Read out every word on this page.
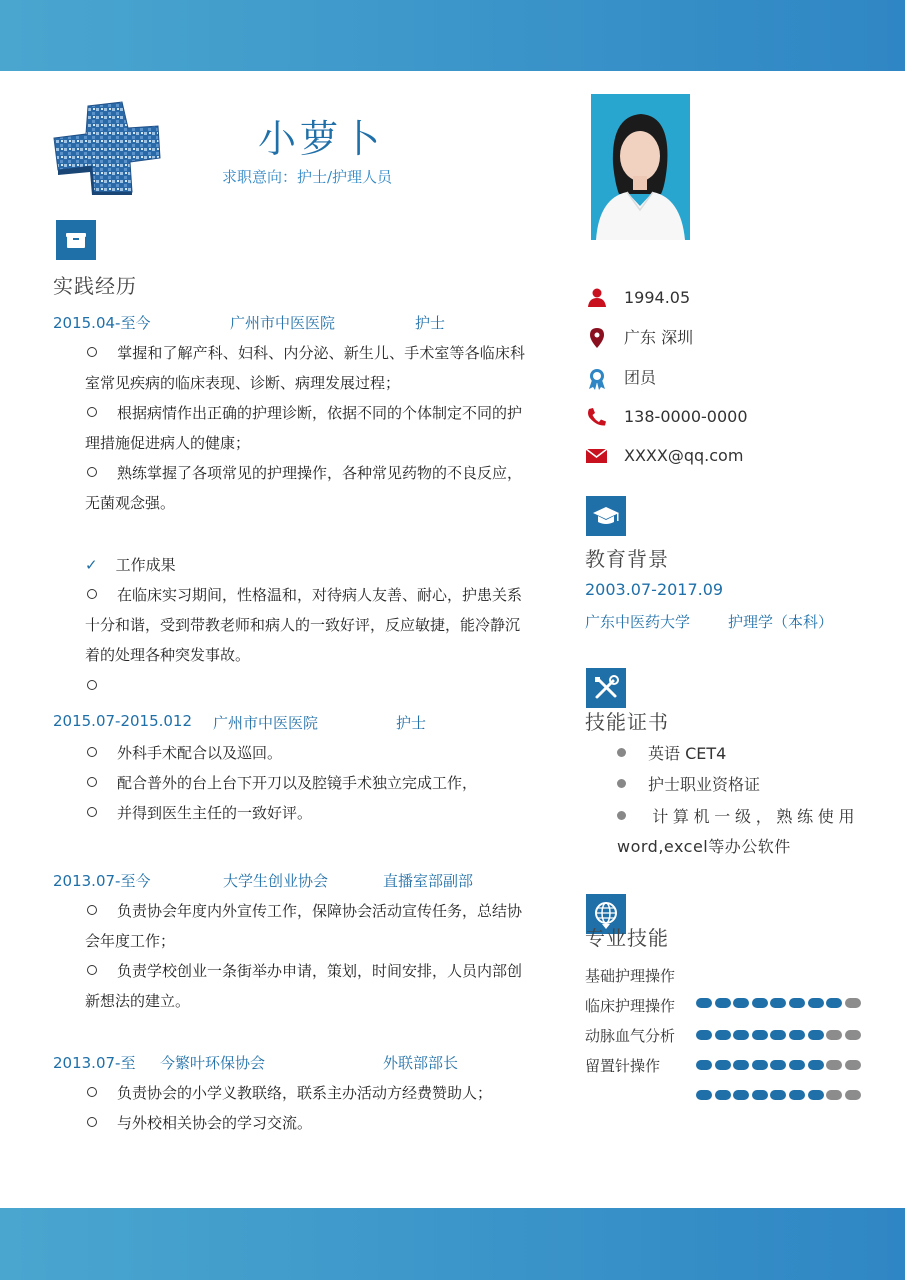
小萝卜
求职意向：护士/护理人员
实践经历
2015.04-至今	广州市中医医院	护士
掌握和了解产科、妇科、内分泌、新生儿、手术室等各临床科室常见疾病的临床表现、诊断、病理发展过程；
根据病情作出正确的护理诊断，依据不同的个体制定不同的护理措施促进病人的健康；
熟练掌握了各项常见的护理操作，各种常见药物的不良反应，无菌观念强。
✓ 工作成果
在临床实习期间，性格温和，对待病人友善、耐心，护患关系十分和谐，受到带教老师和病人的一致好评，反应敏捷，能冷静沉着的处理各种突发事故。
2015.07-2015.012 广州市中医医院	护士
外科手术配合以及巡回。
配合普外的台上台下开刀以及腔镜手术独立完成工作，
并得到医生主任的一致好评。
2013.07-至今	大学生创业协会	直播室部副部
负责协会年度内外宣传工作，保障协会活动宣传任务，总结协会年度工作；
负责学校创业一条街举办申请，策划，时间安排，人员内部创新想法的建立。
2013.07-至 今繁叶环保协会	外联部部长
负责协会的小学义教联络，联系主办活动方经费赞助人；
与外校相关协会的学习交流。
1994.05
广东 深圳
团员
138-0000-0000
XXXX@qq.com
教育背景
2003.07-2017.09
广东中医药大学	护理学（本科）
技能证书
英语 CET4
护士职业资格证
计算机一级，熟练使用word,excel等办公软件
专业技能
基础护理操作
临床护理操作
动脉血气分析
留置针操作
